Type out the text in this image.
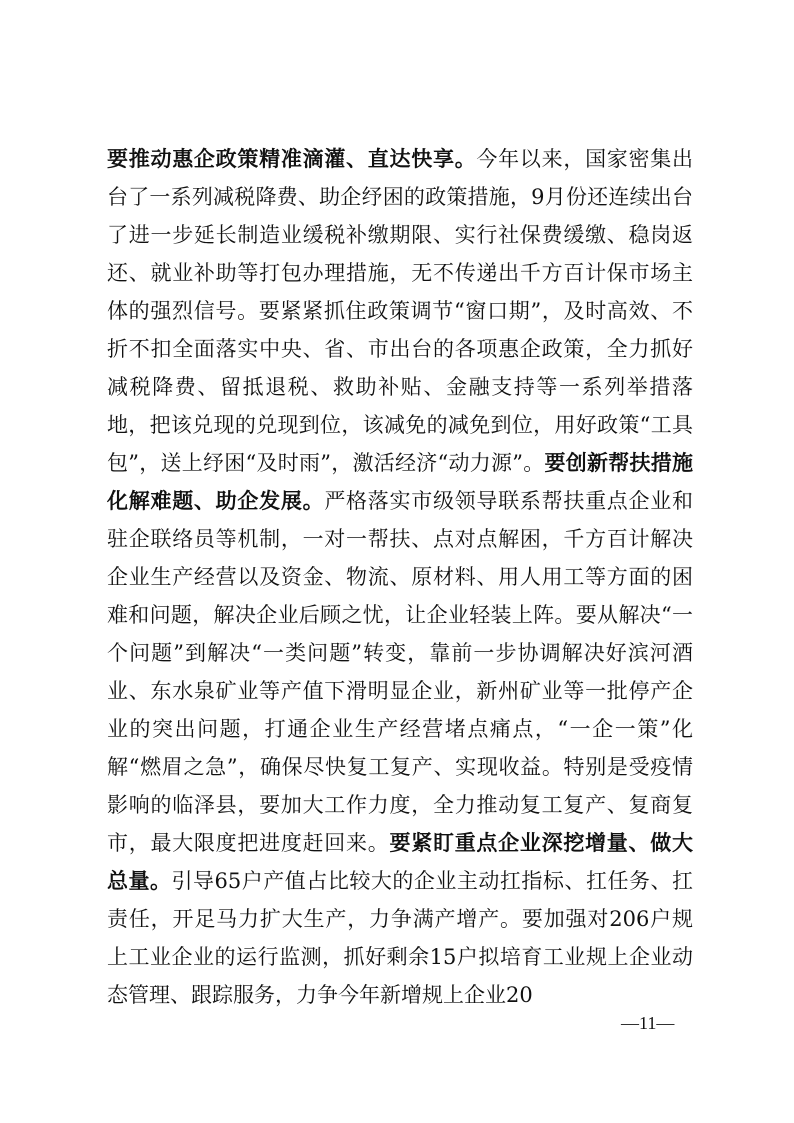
要推动惠企政策精准滴灌、直达快享。今年以来，国家密集出台了一系列减税降费、助企纾困的政策措施，9月份还连续出台了进一步延长制造业缓税补缴期限、实行社保费缓缴、稳岗返还、就业补助等打包办理措施，无不传递出千方百计保市场主体的强烈信号。要紧紧抓住政策调节“窗口期”，及时高效、不折不扣全面落实中央、省、市出台的各项惠企政策，全力抓好减税降费、留抵退税、救助补贴、金融支持等一系列举措落地，把该兑现的兑现到位，该减免的减免到位，用好政策“工具包”，送上纾困“及时雨”，激活经济“动力源”。要创新帮扶措施化解难题、助企发展。严格落实市级领导联系帮扶重点企业和驻企联络员等机制，一对一帮扶、点对点解困，千方百计解决企业生产经营以及资金、物流、原材料、用人用工等方面的困难和问题，解决企业后顾之忧，让企业轻装上阵。要从解决“一个问题”到解决“一类问题”转变，靠前一步协调解决好滨河酒业、东水泉矿业等产值下滑明显企业，新州矿业等一批停产企业的突出问题，打通企业生产经营堵点痛点，“一企一策”化解“燃眉之急”，确保尽快复工复产、实现收益。特别是受疫情影响的临泽县，要加大工作力度，全力推动复工复产、复商复市，最大限度把进度赶回来。要紧盯重点企业深挖增量、做大总量。引导65户产值占比较大的企业主动扛指标、扛任务、扛责任，开足马力扩大生产，力争满产增产。要加强对206户规上工业企业的运行监测，抓好剩余15户拟培育工业规上企业动态管理、跟踪服务，力争今年新增规上企业20

—11—
